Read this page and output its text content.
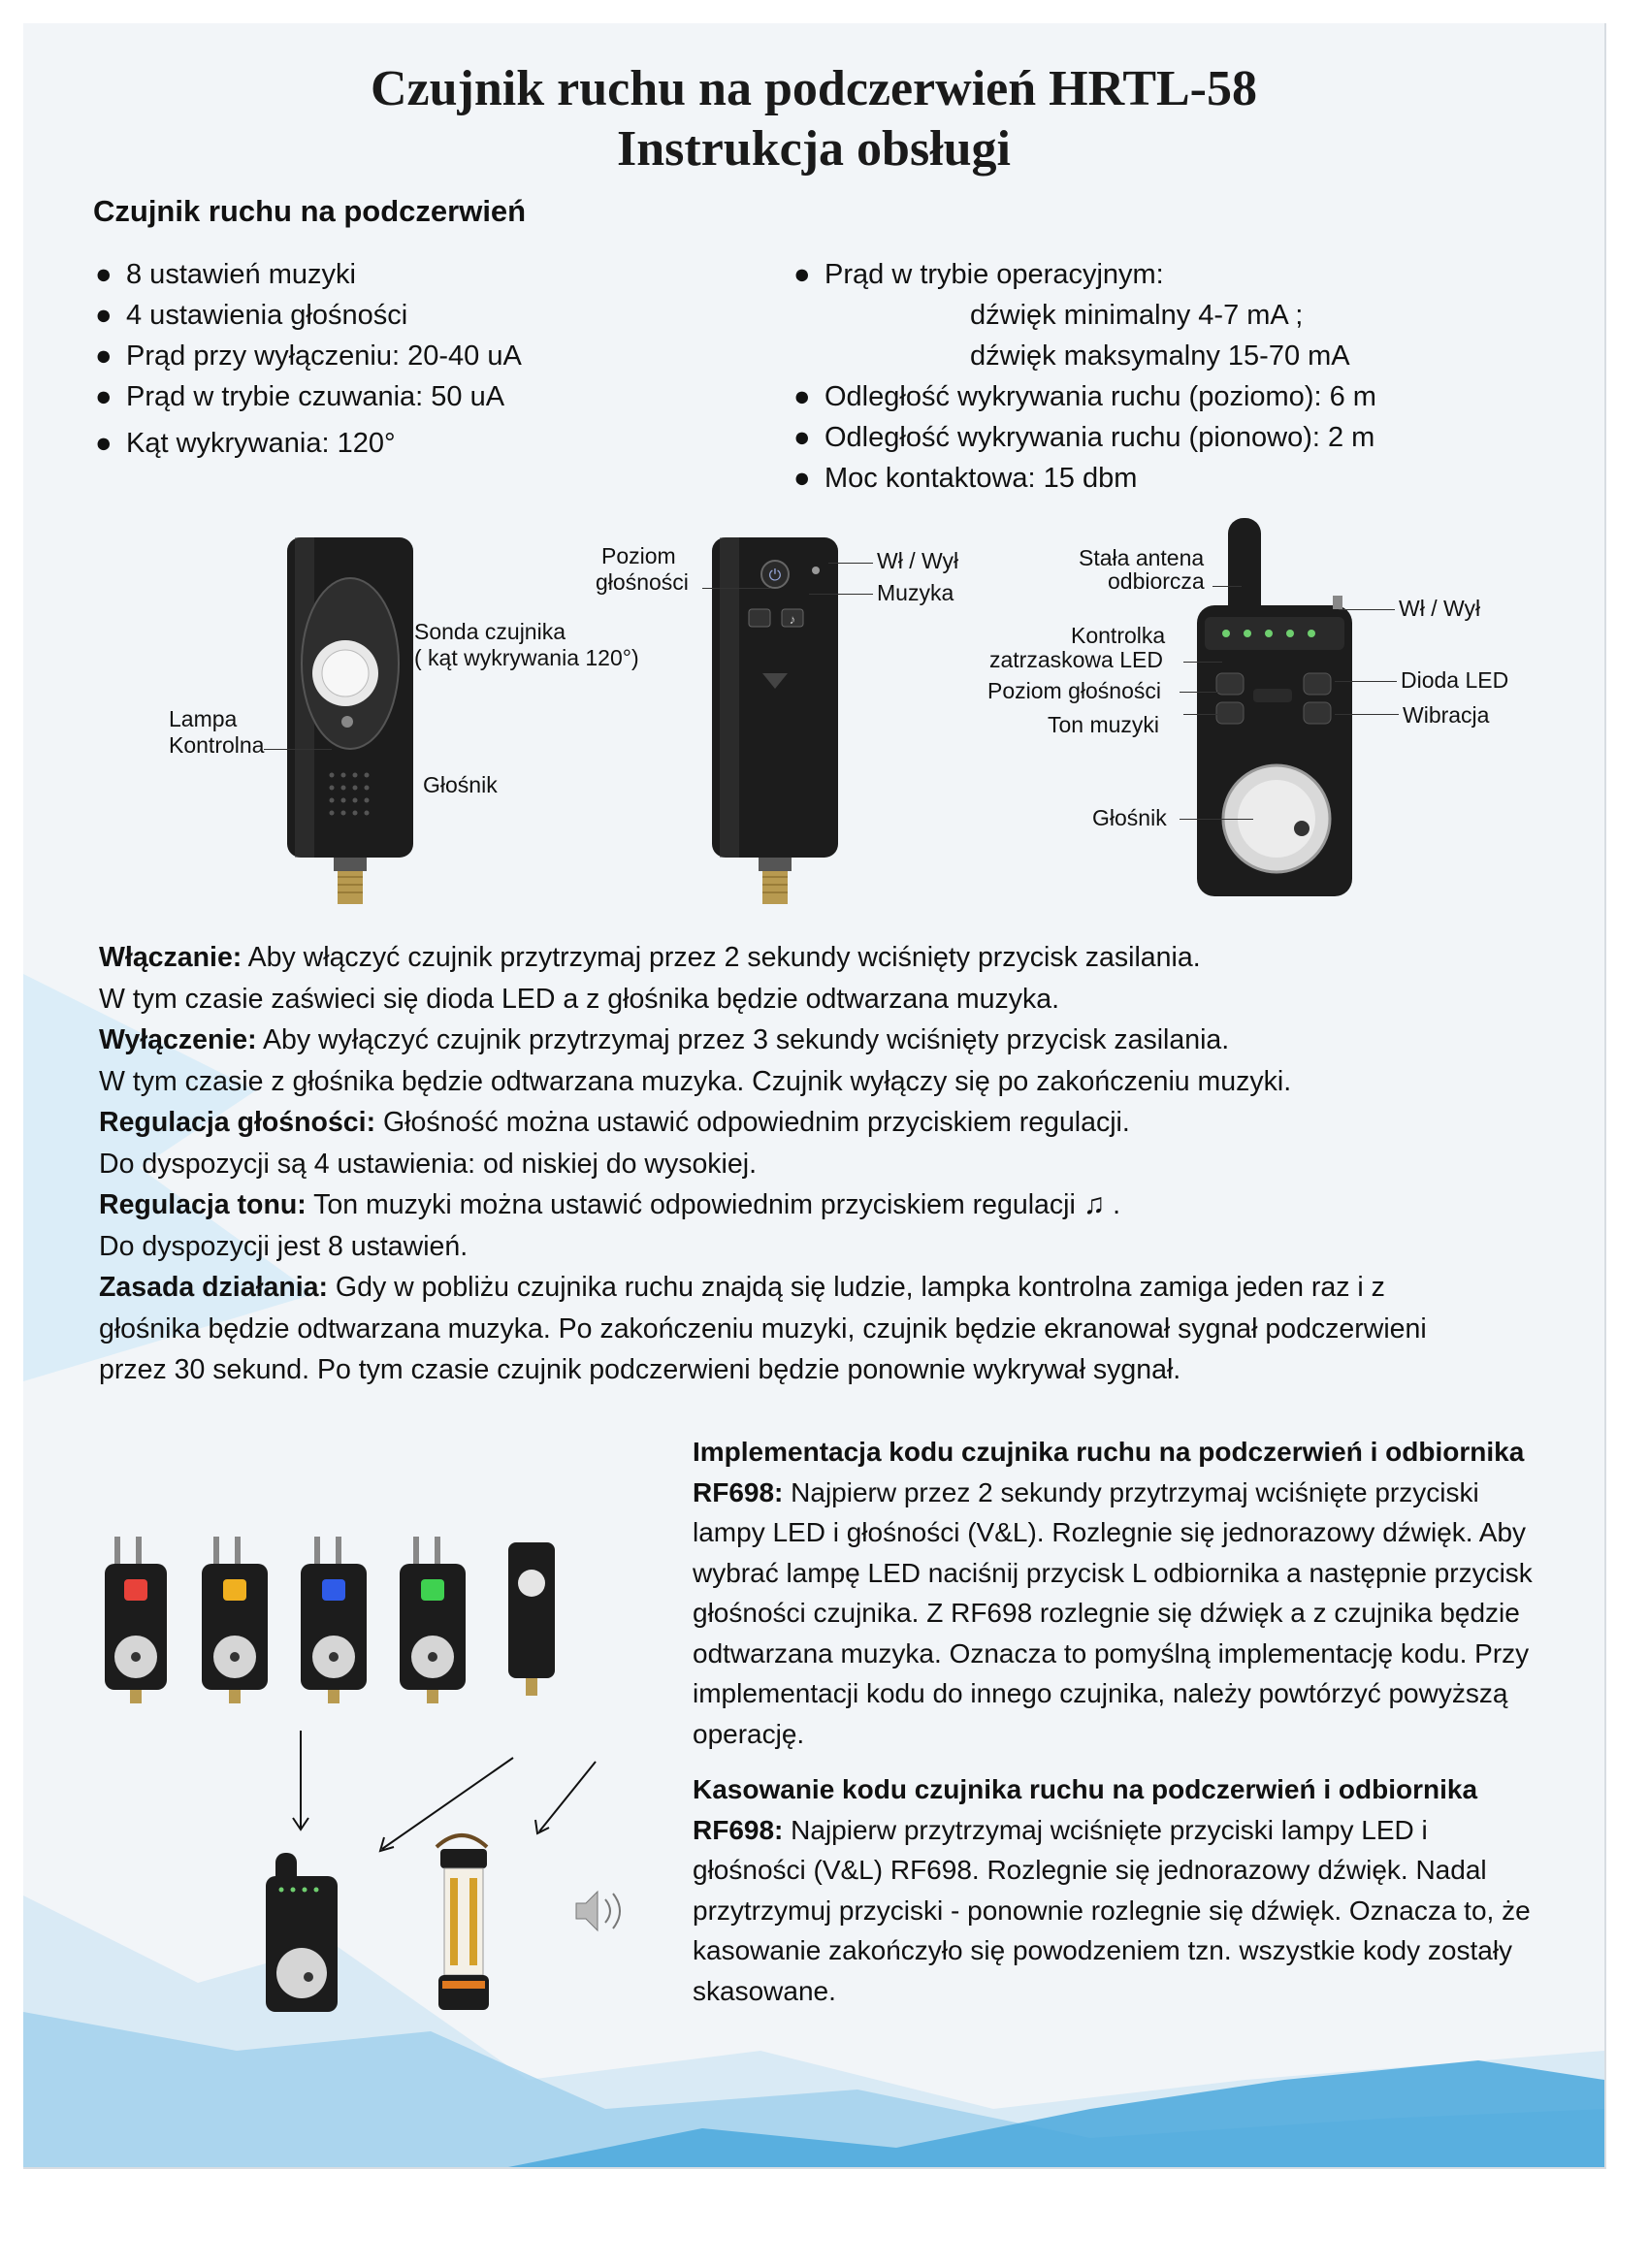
Czujnik ruchu na podczerwień HRTL-58
Instrukcja obsługi
Czujnik ruchu na podczerwień
● 8 ustawień muzyki
● 4 ustawienia głośności
● Prąd przy wyłączeniu: 20-40 uA
● Prąd w trybie czuwania: 50 uA
● Kąt wykrywania: 120°
● Prąd w trybie operacyjnym:
dźwięk minimalny 4-7 mA ;
dźwięk maksymalny 15-70 mA
● Odległość wykrywania ruchu (poziomo): 6 m
● Odległość wykrywania ruchu (pionowo): 2 m
● Moc kontaktowa: 15 dbm
Sonda czujnika
( kąt wykrywania 120°)
Lampa
Kontrolna
Głośnik
⏻
♪
Poziom
głośności
Wł / Wył
Muzyka
Stała antena
odbiorcza
Wł / Wył
Kontrolka
zatrzaskowa LED
Dioda LED
Poziom głośności
Wibracja
Ton muzyki
Głośnik
Włączanie: Aby włączyć czujnik przytrzymaj przez 2 sekundy wciśnięty przycisk zasilania.
W tym czasie zaświeci się dioda LED a z głośnika będzie odtwarzana muzyka.
Wyłączenie: Aby wyłączyć czujnik przytrzymaj przez 3 sekundy wciśnięty przycisk zasilania.
W tym czasie z głośnika będzie odtwarzana muzyka. Czujnik wyłączy się po zakończeniu muzyki.
Regulacja głośności: Głośność można ustawić odpowiednim przyciskiem regulacji.
Do dyspozycji są 4 ustawienia: od niskiej do wysokiej.
Regulacja tonu: Ton muzyki można ustawić odpowiednim przyciskiem regulacji ♫ .
Do dyspozycji jest 8 ustawień.
Zasada działania: Gdy w pobliżu czujnika ruchu znajdą się ludzie, lampka kontrolna zamiga jeden raz i z
głośnika będzie odtwarzana muzyka. Po zakończeniu muzyki, czujnik będzie ekranował sygnał podczerwieni
przez 30 sekund. Po tym czasie czujnik podczerwieni będzie ponownie wykrywał sygnał.

Implementacja kodu czujnika ruchu na podczerwień i odbiornika RF698: Najpierw przez 2 sekundy przytrzymaj wciśnięte przyciski lampy LED i głośności (V&L). Rozlegnie się jednorazowy dźwięk. Aby wybrać lampę LED naciśnij przycisk L odbiornika a następnie przycisk głośności czujnika. Z RF698 rozlegnie się dźwięk a z czujnika będzie odtwarzana muzyka. Oznacza to pomyślną implementację kodu. Przy implementacji kodu do innego czujnika, należy powtórzyć powyższą operację.

Kasowanie kodu czujnika ruchu na podczerwień i odbiornika RF698: Najpierw przytrzymaj wciśnięte przyciski lampy LED i głośności (V&L) RF698. Rozlegnie się jednorazowy dźwięk. Nadal przytrzymuj przyciski - ponownie rozlegnie się dźwięk. Oznacza to, że kasowanie zakończyło się powodzeniem tzn. wszystkie kody zostały skasowane.
